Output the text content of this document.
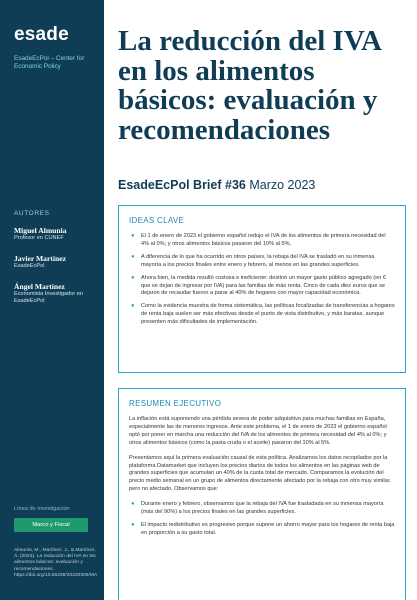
esade
EsadeEcPol – Center for Economic Policy
AUTORES
Miguel Almunia
Profesor en CUNEF
Javier Martínez
EsadeEcPol
Ángel Martínez
Economista Investigador en EsadeEcPol
Línea de investigación
Marco y Fiscal
Almunia, M., Martínez, J., & Martínez, Á. (2023). La reducción del IVA en los alimentos básicos: evaluación y recomendaciones. https://doi.org/10.56269/20230306/MA
La reducción del IVA en los alimentos básicos: evaluación y recomendaciones
EsadeEcPol Brief #36 Marzo 2023
IDEAS CLAVE
● El 1 de enero de 2023 el gobierno español redujo el IVA de los alimentos de primera necesidad del 4% al 0%; y otros alimentos básicos pasaron del 10% al 5%.
● A diferencia de lo que ha ocurrido en otros países, la rebaja del IVA se trasladó en su inmensa mayoría a los precios finales entre enero y febrero, al menos en las grandes superficies.
● Ahora bien, la medida resultó costosa e ineficiente: destinó un mayor gasto público agregado (en € que se dejan de ingresar por IVA) para las familias de más renta. Cinco de cada diez euros que se dejaron de recaudar fueron a parar al 40% de hogares con mayor capacidad económica.
● Como la evidencia muestra de forma sistemática, las políticas focalizadas de transferencias a hogares de renta baja suelen ser más efectivas desde el punto de vista distributivo, y más baratas, aunque presenten más dificultades de implementación.
RESUMEN EJECUTIVO

La inflación está suponiendo una pérdida severa de poder adquisitivo para muchas familias en España, especialmente las de menores ingresos. Ante este problema, el 1 de enero de 2023 el gobierno español optó por poner en marcha una reducción del IVA de los alimentos de primera necesidad del 4% al 0%; y otros alimentos básicos (como la pasta cruda o el aceite) pasaron del 10% al 5%.

Presentamos aquí la primera evaluación causal de esta política. Analizamos los datos recopilados por la plataforma Datamarket que incluyen los precios diarios de todos los alimentos en las páginas web de grandes superficies que acumulan un 40% de la cuota total de mercado. Comparamos la evolución del precio medio semanal en un grupo de alimentos directamente afectado por la rebaja con otro muy similar, pero no afectado. Observamos que:

● Durante enero y febrero, observamos que la rebaja del IVA fue trasladada en su inmensa mayoría (más del 90%) a los precios finales en las grandes superficies.
● El impacto redistributivo es progresivo porque supone un ahorro mayor para los hogares de renta baja en proporción a su gasto total.
